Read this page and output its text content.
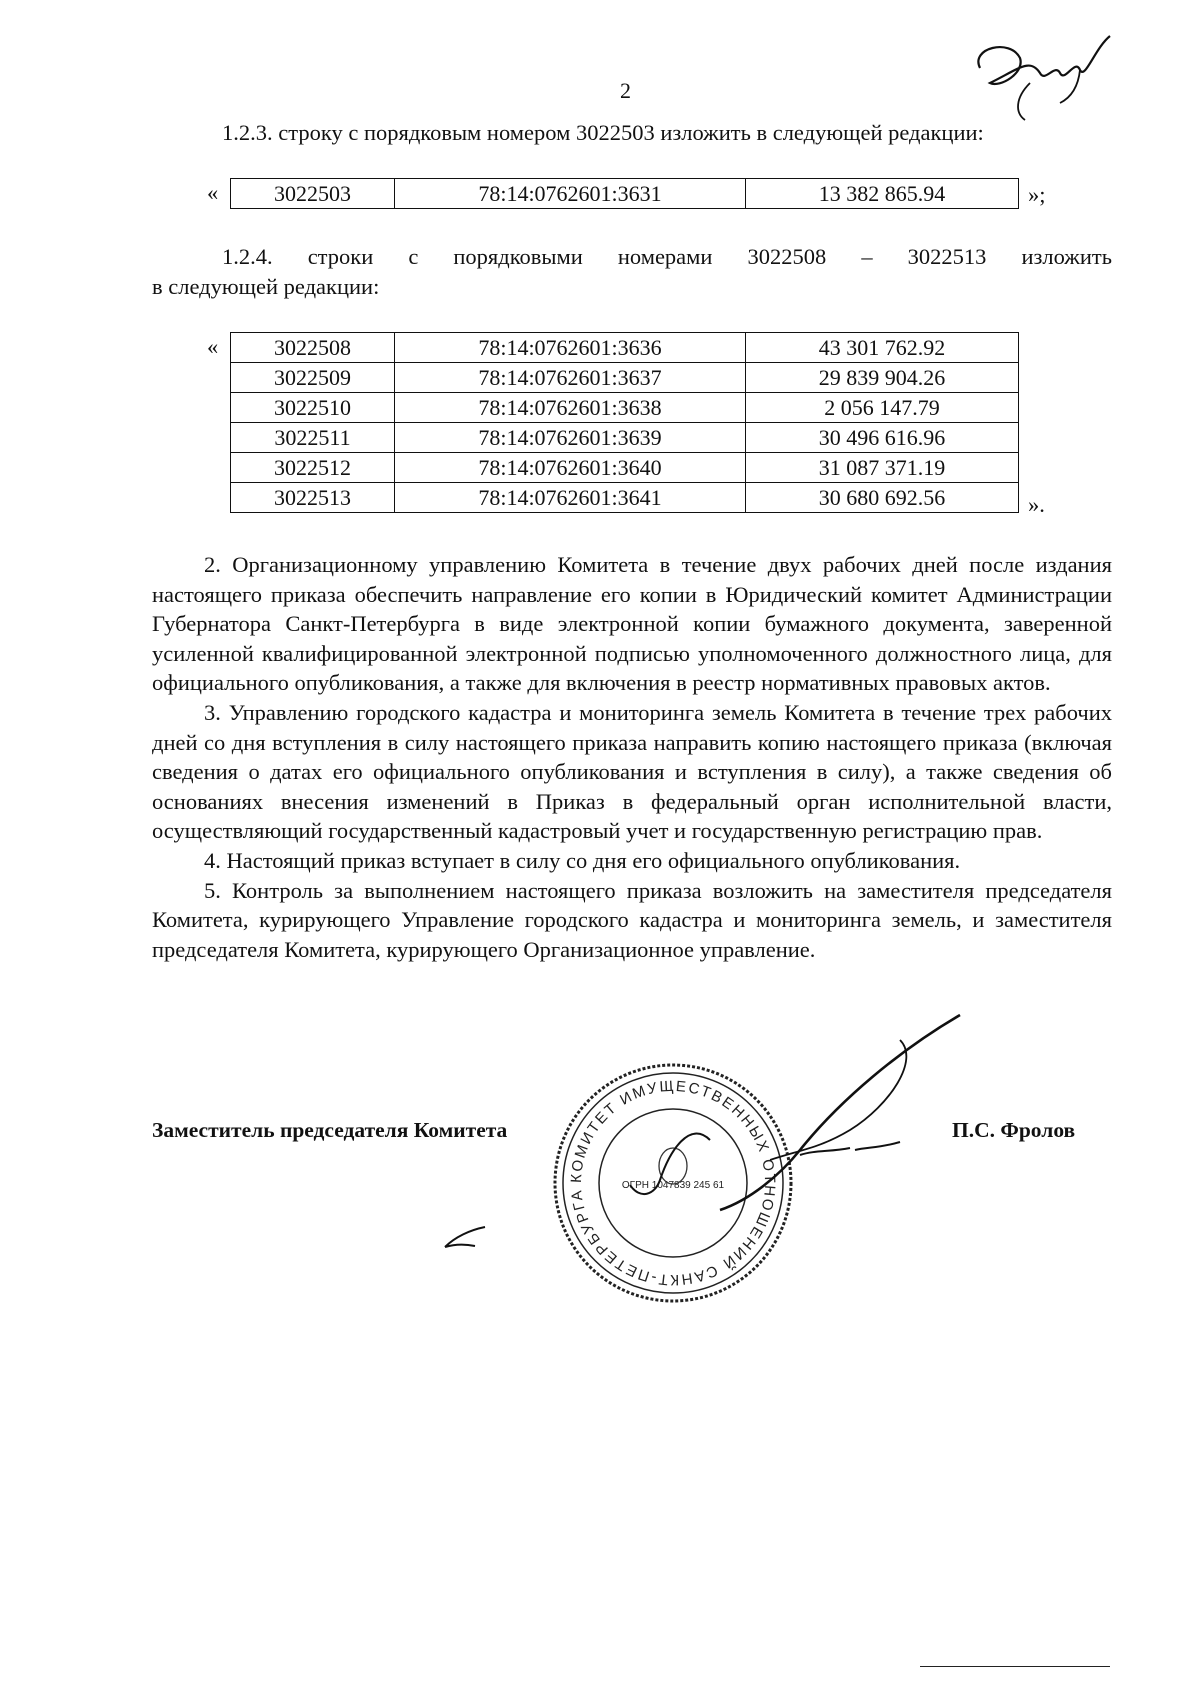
2
1.2.3. строку с порядковым номером 3022503 изложить в следующей редакции:
«	3022503	78:14:0762601:3631	13 382 865.94	»;
1.2.4. строки с порядковыми номерами 3022508 – 3022513 изложить
в следующей редакции:
«	3022508	78:14:0762601:3636	43 301 762.92
3022509	78:14:0762601:3637	29 839 904.26
3022510	78:14:0762601:3638	2 056 147.79
3022511	78:14:0762601:3639	30 496 616.96
3022512	78:14:0762601:3640	31 087 371.19
3022513	78:14:0762601:3641	30 680 692.56	».

2. Организационному управлению Комитета в течение двух рабочих дней после издания настоящего приказа обеспечить направление его копии в Юридический комитет Администрации Губернатора Санкт-Петербурга в виде электронной копии бумажного документа, заверенной усиленной квалифицированной электронной подписью уполномоченного должностного лица, для официального опубликования, а также для включения в реестр нормативных правовых актов.

3. Управлению городского кадастра и мониторинга земель Комитета в течение трех рабочих дней со дня вступления в силу настоящего приказа направить копию настоящего приказа (включая сведения о датах его официального опубликования и вступления в силу), а также сведения об основаниях внесения изменений в Приказ в федеральный орган исполнительной власти, осуществляющий государственный кадастровый учет и государственную регистрацию прав.

4. Настоящий приказ вступает в силу со дня его официального опубликования.

5. Контроль за выполнением настоящего приказа возложить на заместителя председателя Комитета, курирующего Управление городского кадастра и мониторинга земель, и заместителя председателя Комитета, курирующего Организационное управление.

КОМИТЕТ ИМУЩЕСТВЕННЫХ ОТНОШЕНИЙ САНКТ-ПЕТЕРБУРГА
ОГРН 1047839 245 61
Заместитель председателя Комитета	П.С. Фролов
